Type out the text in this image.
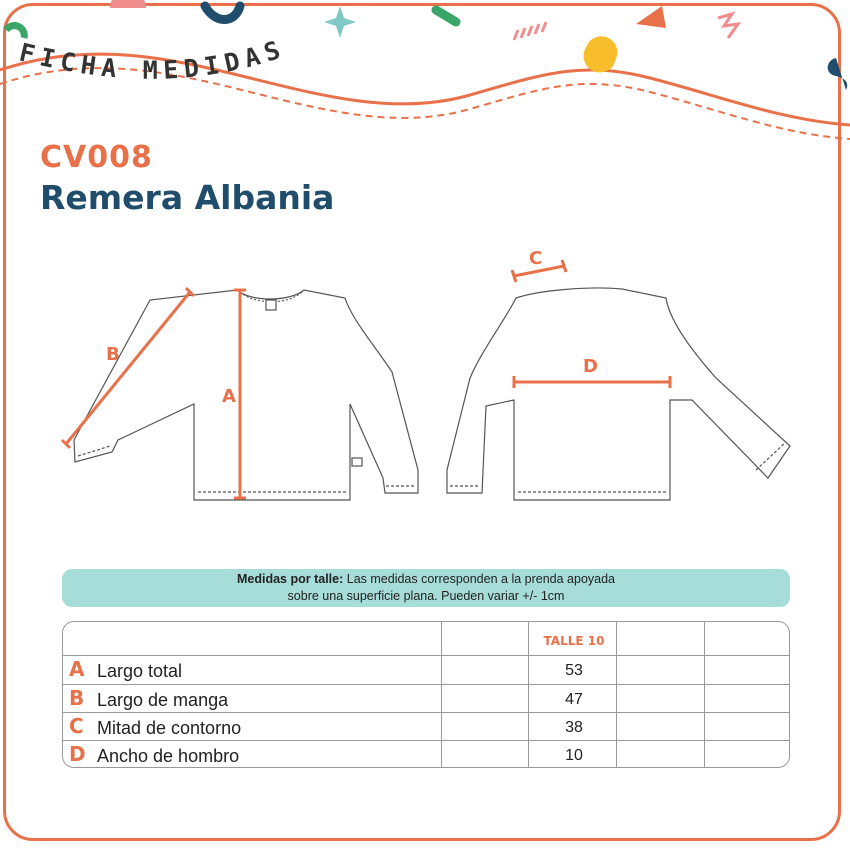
FICHA MEDIDAS
CV008
Remera Albania
A
B
C
D
Medidas por talle: Las medidas corresponden a la prenda apoyada
sobre una superficie plana. Pueden variar +/- 1cm
TALLE 10
A Largo total	53
B Largo de manga	47
C Mitad de contorno	38
D Ancho de hombro	10
